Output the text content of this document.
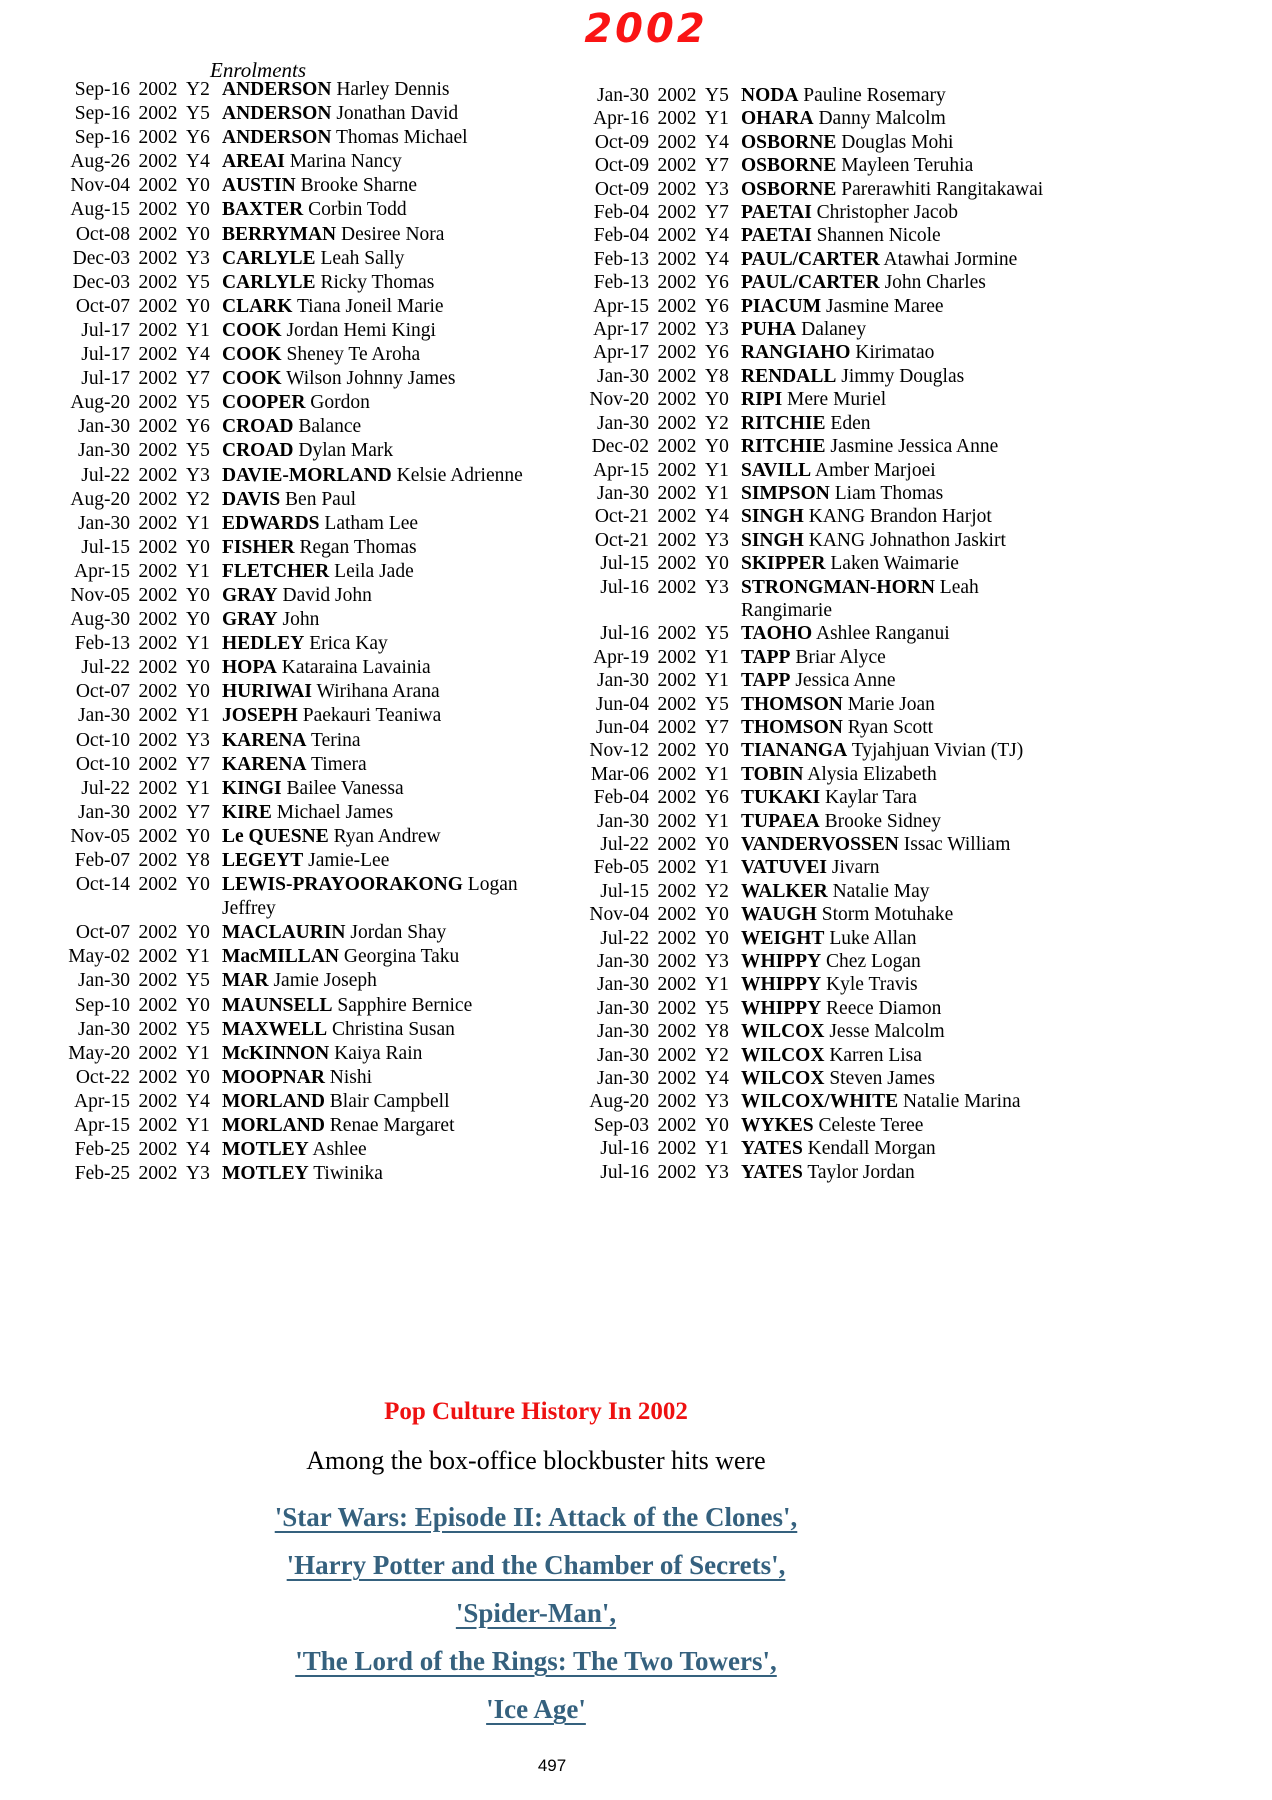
2002
Enrolments
Sep-16 2002 Y2 ANDERSON Harley Dennis
Sep-16 2002 Y5 ANDERSON Jonathan David
Sep-16 2002 Y6 ANDERSON Thomas Michael
Aug-26 2002 Y4 AREAI Marina Nancy
Nov-04 2002 Y0 AUSTIN Brooke Sharne
Aug-15 2002 Y0 BAXTER Corbin Todd
Oct-08 2002 Y0 BERRYMAN Desiree Nora
Dec-03 2002 Y3 CARLYLE Leah Sally
Dec-03 2002 Y5 CARLYLE Ricky Thomas
Oct-07 2002 Y0 CLARK Tiana Joneil Marie
Jul-17 2002 Y1 COOK Jordan Hemi Kingi
Jul-17 2002 Y4 COOK Sheney Te Aroha
Jul-17 2002 Y7 COOK Wilson Johnny James
Aug-20 2002 Y5 COOPER Gordon
Jan-30 2002 Y6 CROAD Balance
Jan-30 2002 Y5 CROAD Dylan Mark
Jul-22 2002 Y3 DAVIE-MORLAND Kelsie Adrienne
Aug-20 2002 Y2 DAVIS Ben Paul
Jan-30 2002 Y1 EDWARDS Latham Lee
Jul-15 2002 Y0 FISHER Regan Thomas
Apr-15 2002 Y1 FLETCHER Leila Jade
Nov-05 2002 Y0 GRAY David John
Aug-30 2002 Y0 GRAY John
Feb-13 2002 Y1 HEDLEY Erica Kay
Jul-22 2002 Y0 HOPA Kataraina Lavainia
Oct-07 2002 Y0 HURIWAI Wirihana Arana
Jan-30 2002 Y1 JOSEPH Paekauri Teaniwa
Oct-10 2002 Y3 KARENA Terina
Oct-10 2002 Y7 KARENA Timera
Jul-22 2002 Y1 KINGI Bailee Vanessa
Jan-30 2002 Y7 KIRE Michael James
Nov-05 2002 Y0 Le QUESNE Ryan Andrew
Feb-07 2002 Y8 LEGEYT Jamie-Lee
Oct-14 2002 Y0 LEWIS-PRAYOORAKONG Logan
Jeffrey
Oct-07 2002 Y0 MACLAURIN Jordan Shay
May-02 2002 Y1 MacMILLAN Georgina Taku
Jan-30 2002 Y5 MAR Jamie Joseph
Sep-10 2002 Y0 MAUNSELL Sapphire Bernice
Jan-30 2002 Y5 MAXWELL Christina Susan
May-20 2002 Y1 McKINNON Kaiya Rain
Oct-22 2002 Y0 MOOPNAR Nishi
Apr-15 2002 Y4 MORLAND Blair Campbell
Apr-15 2002 Y1 MORLAND Renae Margaret
Feb-25 2002 Y4 MOTLEY Ashlee
Feb-25 2002 Y3 MOTLEY Tiwinika
Jan-30 2002 Y5 NODA Pauline Rosemary
Apr-16 2002 Y1 OHARA Danny Malcolm
Oct-09 2002 Y4 OSBORNE Douglas Mohi
Oct-09 2002 Y7 OSBORNE Mayleen Teruhia
Oct-09 2002 Y3 OSBORNE Parerawhiti Rangitakawai
Feb-04 2002 Y7 PAETAI Christopher Jacob
Feb-04 2002 Y4 PAETAI Shannen Nicole
Feb-13 2002 Y4 PAUL/CARTER Atawhai Jormine
Feb-13 2002 Y6 PAUL/CARTER John Charles
Apr-15 2002 Y6 PIACUM Jasmine Maree
Apr-17 2002 Y3 PUHA Dalaney
Apr-17 2002 Y6 RANGIAHO Kirimatao
Jan-30 2002 Y8 RENDALL Jimmy Douglas
Nov-20 2002 Y0 RIPI Mere Muriel
Jan-30 2002 Y2 RITCHIE Eden
Dec-02 2002 Y0 RITCHIE Jasmine Jessica Anne
Apr-15 2002 Y1 SAVILL Amber Marjoei
Jan-30 2002 Y1 SIMPSON Liam Thomas
Oct-21 2002 Y4 SINGH KANG Brandon Harjot
Oct-21 2002 Y3 SINGH KANG Johnathon Jaskirt
Jul-15 2002 Y0 SKIPPER Laken Waimarie
Jul-16 2002 Y3 STRONGMAN-HORN Leah
Rangimarie
Jul-16 2002 Y5 TAOHO Ashlee Ranganui
Apr-19 2002 Y1 TAPP Briar Alyce
Jan-30 2002 Y1 TAPP Jessica Anne
Jun-04 2002 Y5 THOMSON Marie Joan
Jun-04 2002 Y7 THOMSON Ryan Scott
Nov-12 2002 Y0 TIANANGA Tyjahjuan Vivian (TJ)
Mar-06 2002 Y1 TOBIN Alysia Elizabeth
Feb-04 2002 Y6 TUKAKI Kaylar Tara
Jan-30 2002 Y1 TUPAEA Brooke Sidney
Jul-22 2002 Y0 VANDERVOSSEN Issac William
Feb-05 2002 Y1 VATUVEI Jivarn
Jul-15 2002 Y2 WALKER Natalie May
Nov-04 2002 Y0 WAUGH Storm Motuhake
Jul-22 2002 Y0 WEIGHT Luke Allan
Jan-30 2002 Y3 WHIPPY Chez Logan
Jan-30 2002 Y1 WHIPPY Kyle Travis
Jan-30 2002 Y5 WHIPPY Reece Diamon
Jan-30 2002 Y8 WILCOX Jesse Malcolm
Jan-30 2002 Y2 WILCOX Karren Lisa
Jan-30 2002 Y4 WILCOX Steven James
Aug-20 2002 Y3 WILCOX/WHITE Natalie Marina
Sep-03 2002 Y0 WYKES Celeste Teree
Jul-16 2002 Y1 YATES Kendall Morgan
Jul-16 2002 Y3 YATES Taylor Jordan
Pop Culture History In 2002
Among the box-office blockbuster hits were
'Star Wars: Episode II: Attack of the Clones',
'Harry Potter and the Chamber of Secrets',
'Spider-Man',
'The Lord of the Rings: The Two Towers',
'Ice Age'
497
